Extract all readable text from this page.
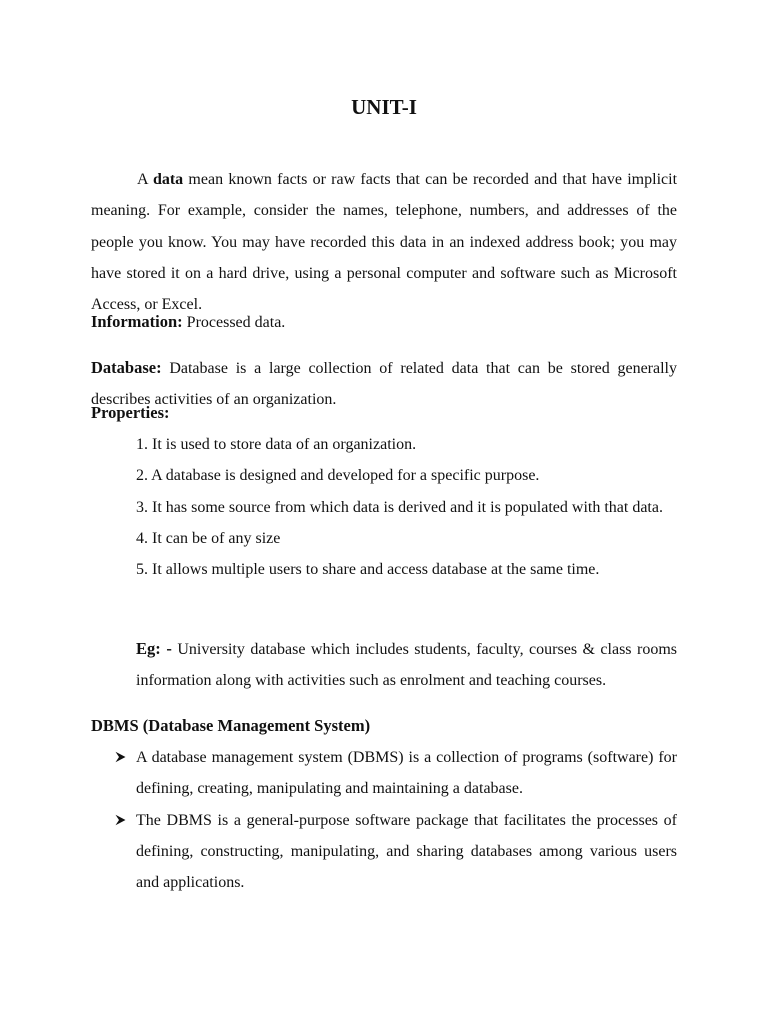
UNIT-I

A data mean known facts or raw facts that can be recorded and that have implicit meaning. For example, consider the names, telephone, numbers, and addresses of the people you know. You may have recorded this data in an indexed address book; you may have stored it on a hard drive, using a personal computer and software such as Microsoft Access, or Excel.

Information: Processed data.

Database: Database is a large collection of related data that can be stored generally describes activities of an organization.

Properties:
1. It is used to store data of an organization.
2. A database is designed and developed for a specific purpose.
3. It has some source from which data is derived and it is populated with that data.
4. It can be of any size
5. It allows multiple users to share and access database at the same time.

Eg: - University database which includes students, faculty, courses & class rooms information along with activities such as enrolment and teaching courses.

DBMS (Database Management System)
A database management system (DBMS) is a collection of programs (software) for defining, creating, manipulating and maintaining a database.
The DBMS is a general-purpose software package that facilitates the processes of defining, constructing, manipulating, and sharing databases among various users and applications.
